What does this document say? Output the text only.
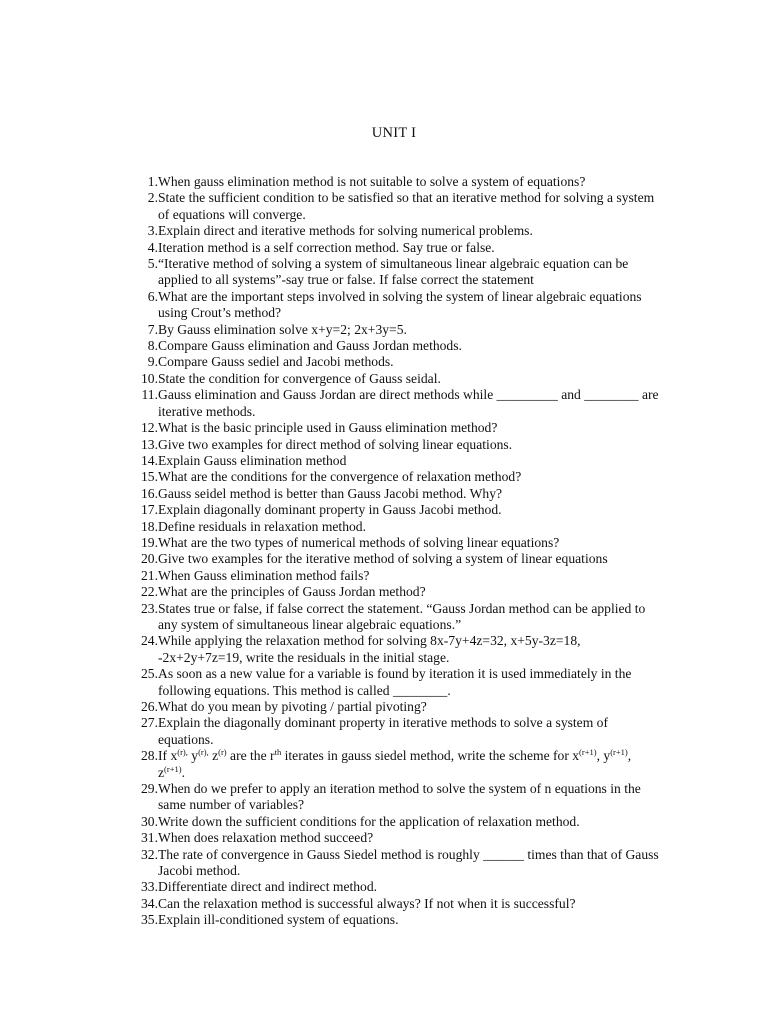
UNIT I
1. When gauss elimination method is not suitable to solve a system of equations?
2. State the sufficient condition to be satisfied so that an iterative method for solving a system of equations will converge.
3. Explain direct and iterative methods for solving numerical problems.
4. Iteration method is a self correction method. Say true or false.
5. “Iterative method of solving a system of simultaneous linear algebraic equation can be applied to all systems”-say true or false. If false correct the statement
6. What are the important steps involved in solving the system of linear algebraic equations using Crout’s method?
7. By Gauss elimination solve x+y=2; 2x+3y=5.
8. Compare Gauss elimination and Gauss Jordan methods.
9. Compare Gauss sediel and Jacobi methods.
10. State the condition for convergence of Gauss seidal.
11. Gauss elimination and Gauss Jordan are direct methods while _________ and ________ are iterative methods.
12. What is the basic principle used in Gauss elimination method?
13. Give two examples for direct method of solving linear equations.
14. Explain Gauss elimination method
15. What are the conditions for the convergence of relaxation method?
16. Gauss seidel method is better than Gauss Jacobi method. Why?
17. Explain diagonally dominant property in Gauss Jacobi method.
18. Define residuals in relaxation method.
19. What are the two types of numerical methods of solving linear equations?
20. Give two examples for the iterative method of solving a system of linear equations
21. When Gauss elimination method fails?
22. What are the principles of Gauss Jordan method?
23. States true or false, if false correct the statement. “Gauss Jordan method can be applied to any system of simultaneous linear algebraic equations.”
24. While applying the relaxation method for solving 8x-7y+4z=32, x+5y-3z=18, -2x+2y+7z=19, write the residuals in the initial stage.
25. As soon as a new value for a variable is found by iteration it is used immediately in the following equations. This method is called ________.
26. What do you mean by pivoting / partial pivoting?
27. Explain the diagonally dominant property in iterative methods to solve a system of equations.
28. If $x^{(r),}$ $y^{(r),}$ $z^{(r)}$ are the $r^{th}$ iterates in gauss siedel method, write the scheme for $x^{(r+1)}$, $y^{(r+1)}$, $z^{(r+1)}$.
29. When do we prefer to apply an iteration method to solve the system of n equations in the same number of variables?
30. Write down the sufficient conditions for the application of relaxation method.
31. When does relaxation method succeed?
32. The rate of convergence in Gauss Siedel method is roughly ______ times than that of Gauss Jacobi method.
33. Differentiate direct and indirect method.
34. Can the relaxation method is successful always? If not when it is successful?
35. Explain ill-conditioned system of equations.
